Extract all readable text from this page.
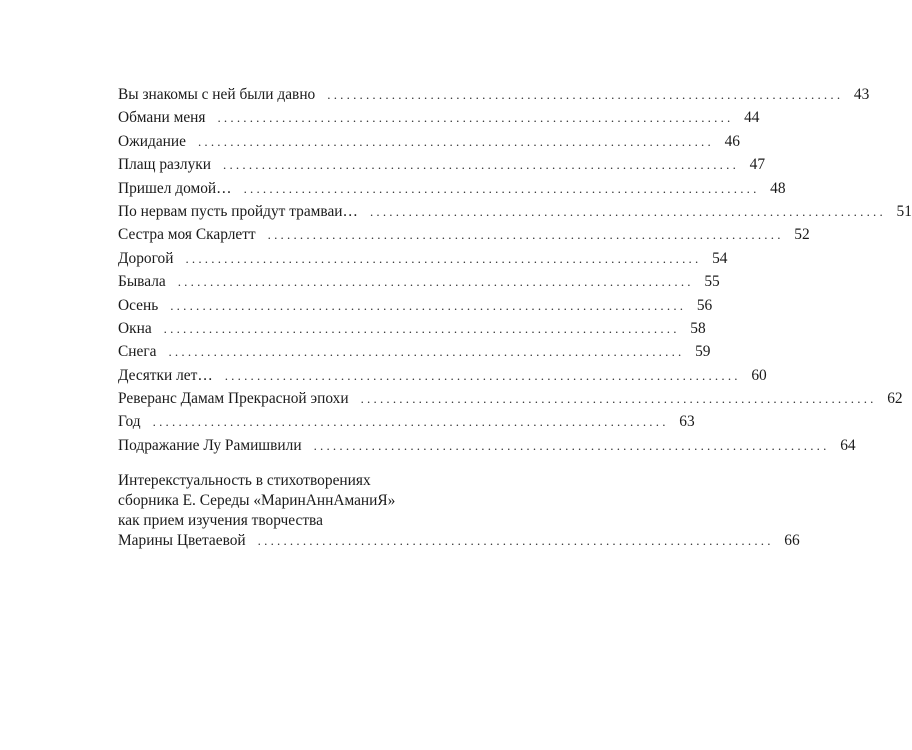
Вы знакомы с ней были давно ................................................................................ 43
Обмани меня ................................................................................ 44
Ожидание ................................................................................ 46
Плащ разлуки ................................................................................ 47
Пришел домой… ................................................................................ 48
По нервам пусть пройдут трамваи… ................................................................................ 51
Сестра моя Скарлетт ................................................................................ 52
Дорогой ................................................................................ 54
Бывала ................................................................................ 55
Осень ................................................................................ 56
Окна ................................................................................ 58
Снега ................................................................................ 59
Десятки лет… ................................................................................ 60
Реверанс Дамам Прекрасной эпохи ................................................................................ 62
Год ................................................................................ 63
Подражание Лу Рамишвили ................................................................................ 64
Интерекстуальность в стихотворениях
сборника Е. Середы «МаринАннАманиЯ»
как прием изучения творчества
Марины Цветаевой ................................................................................ 66
